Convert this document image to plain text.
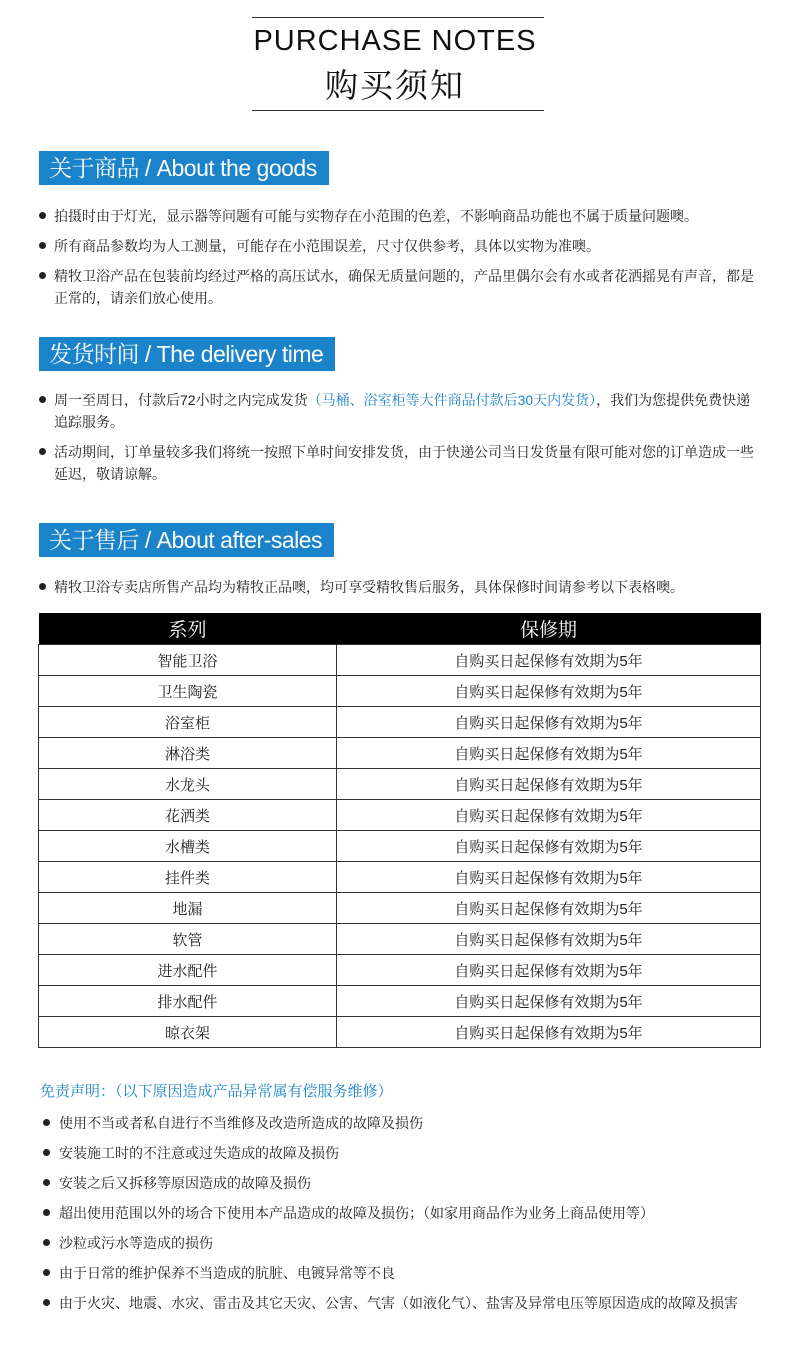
PURCHASE NOTES
购买须知
关于商品 / About the goods
拍摄时由于灯光，显示器等问题有可能与实物存在小范围的色差，不影响商品功能也不属于质量问题噢。
所有商品参数均为人工测量，可能存在小范围误差，尺寸仅供参考，具体以实物为准噢。
精牧卫浴产品在包装前均经过严格的高压试水，确保无质量问题的，产品里偶尔会有水或者花洒摇晃有声音，都是正常的，请亲们放心使用。
发货时间 / The delivery time
周一至周日，付款后72小时之内完成发货（马桶、浴室柜等大件商品付款后30天内发货），我们为您提供免费快递追踪服务。
活动期间，订单量较多我们将统一按照下单时间安排发货，由于快递公司当日发货量有限可能对您的订单造成一些延迟，敬请谅解。
关于售后 / About after-sales
精牧卫浴专卖店所售产品均为精牧正品噢，均可享受精牧售后服务，具体保修时间请参考以下表格噢。
系列	保修期
智能卫浴	自购买日起保修有效期为5年
卫生陶瓷	自购买日起保修有效期为5年
浴室柜	自购买日起保修有效期为5年
淋浴类	自购买日起保修有效期为5年
水龙头	自购买日起保修有效期为5年
花洒类	自购买日起保修有效期为5年
水槽类	自购买日起保修有效期为5年
挂件类	自购买日起保修有效期为5年
地漏	自购买日起保修有效期为5年
软管	自购买日起保修有效期为5年
进水配件	自购买日起保修有效期为5年
排水配件	自购买日起保修有效期为5年
晾衣架	自购买日起保修有效期为5年
免责声明：（以下原因造成产品异常属有偿服务维修）
使用不当或者私自进行不当维修及改造所造成的故障及损伤
安装施工时的不注意或过失造成的故障及损伤
安装之后又拆移等原因造成的故障及损伤
超出使用范围以外的场合下使用本产品造成的故障及损伤；（如家用商品作为业务上商品使用等）
沙粒或污水等造成的损伤
由于日常的维护保养不当造成的肮脏、电镀异常等不良
由于火灾、地震、水灾、雷击及其它天灾、公害、气害（如液化气）、盐害及异常电压等原因造成的故障及损害
